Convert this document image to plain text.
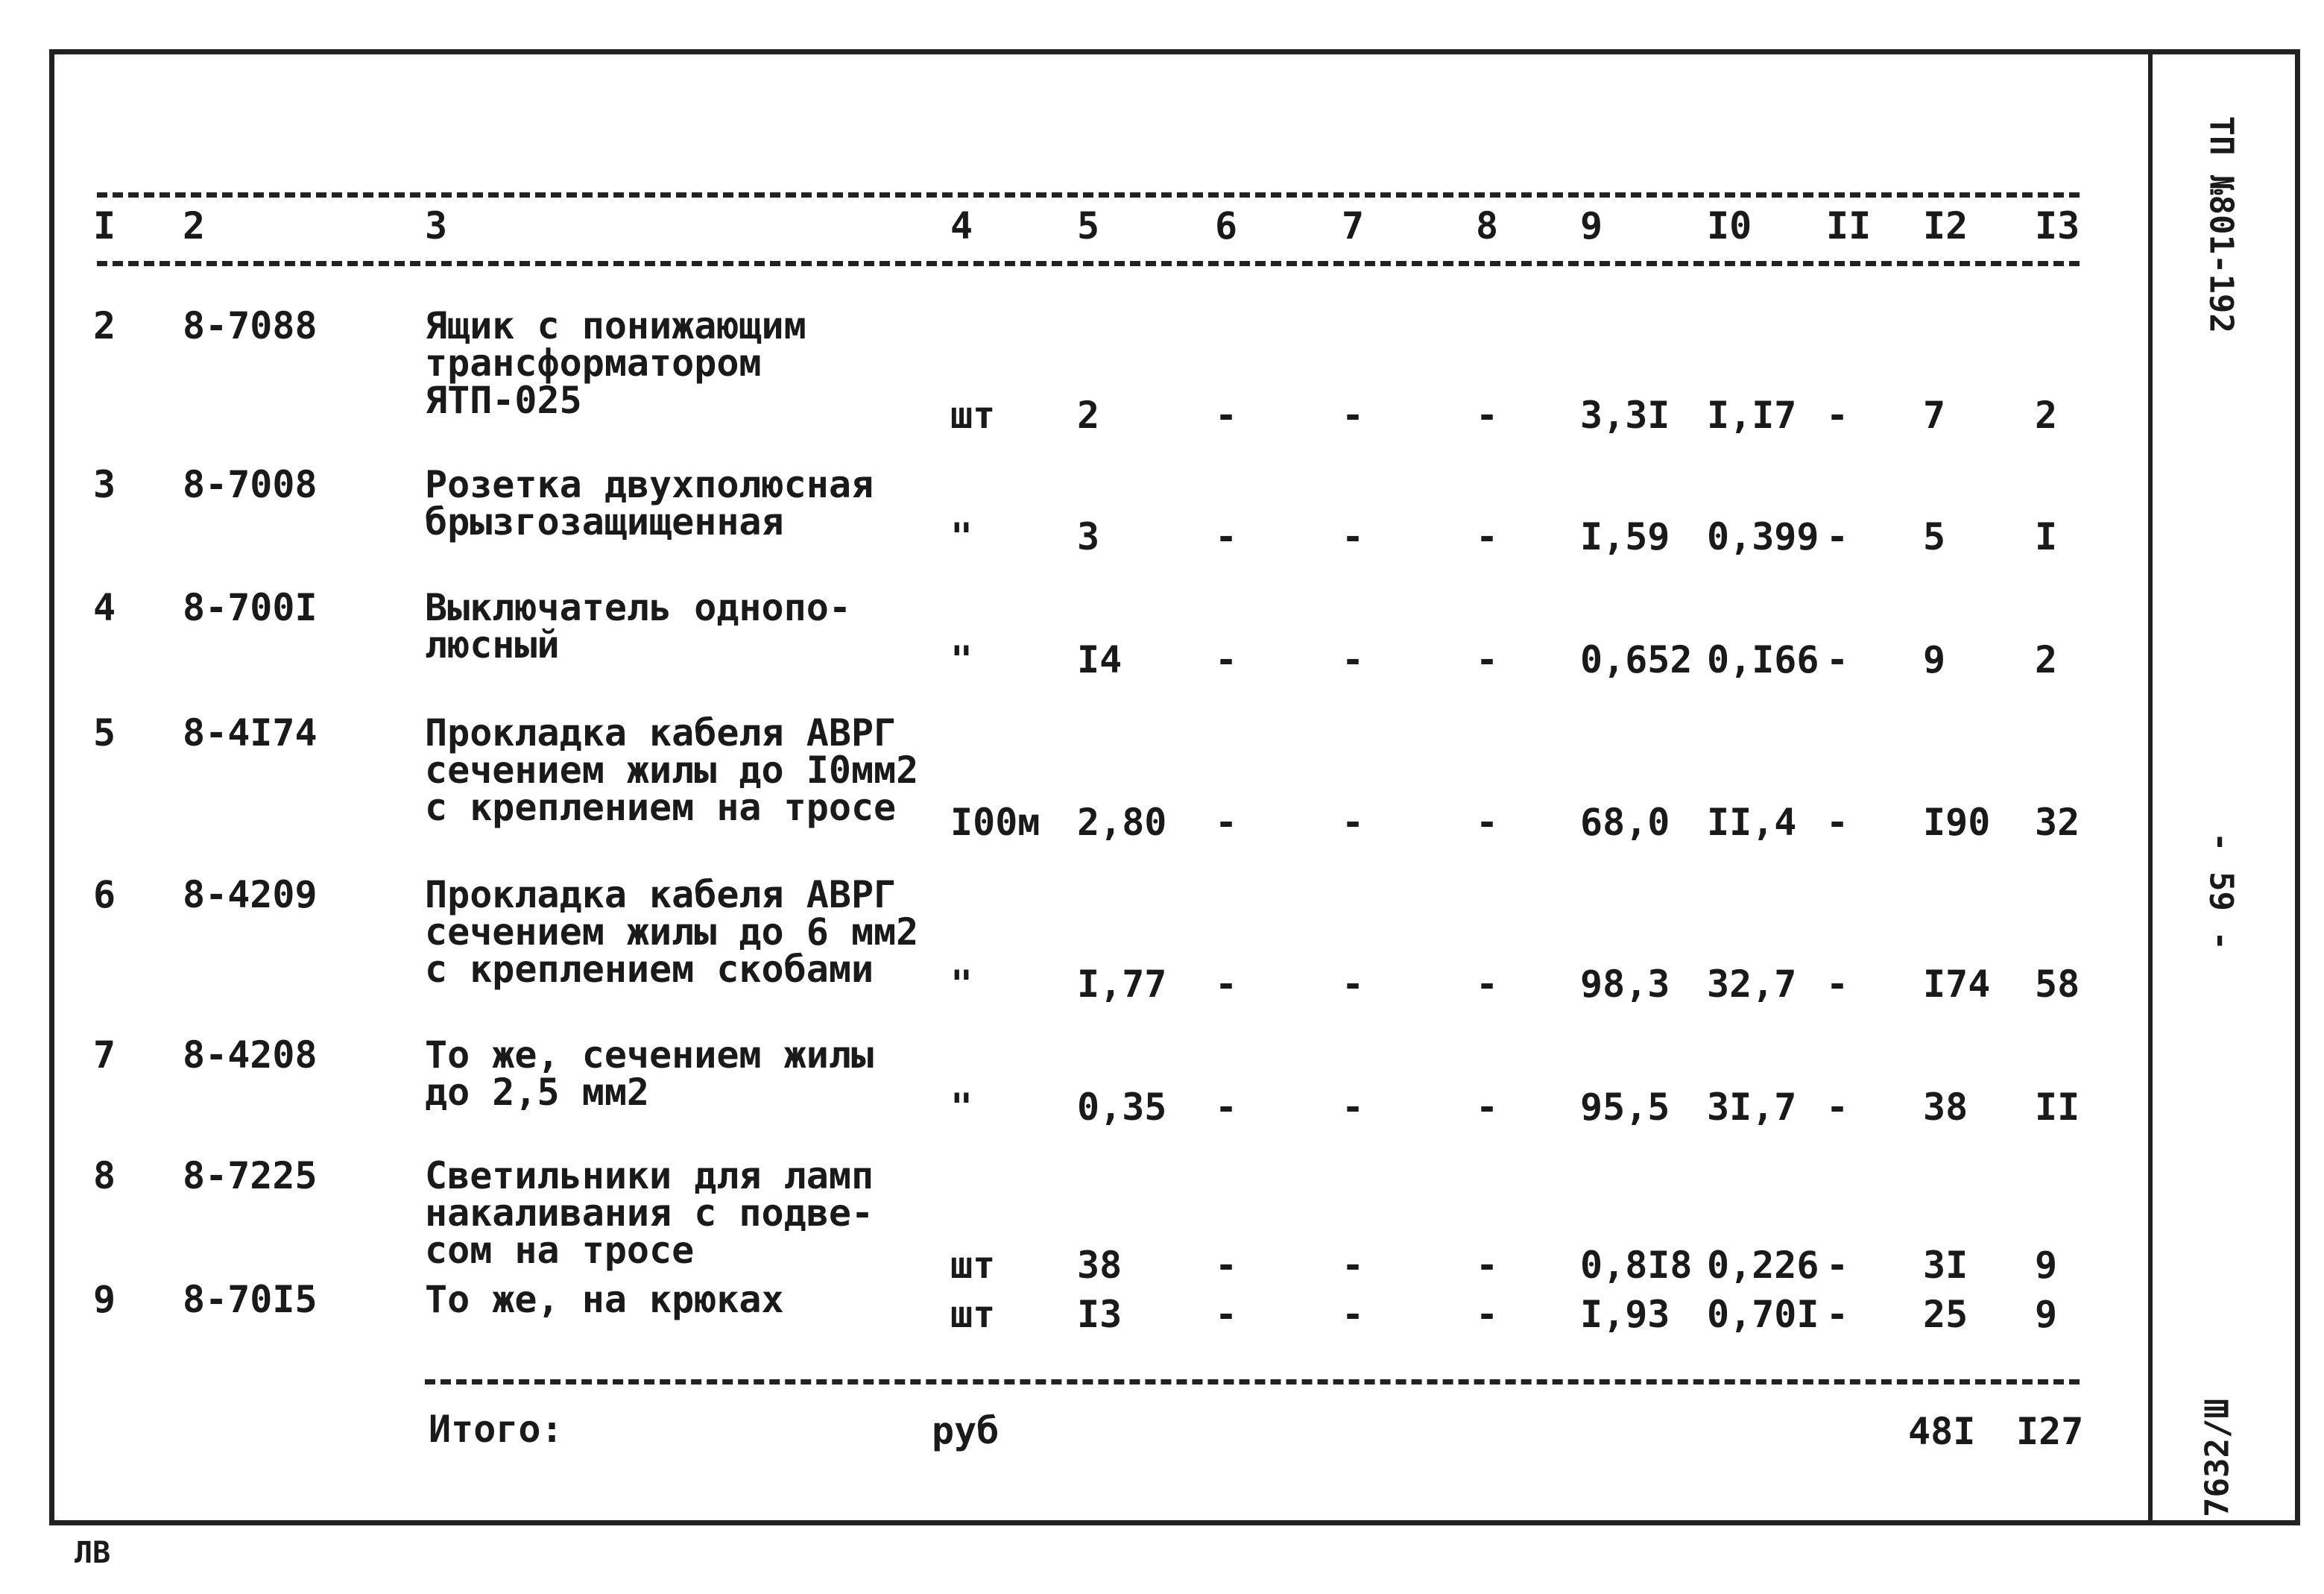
I 2	3	4	5	6	7	8 9	I0 II I2 I3
2 8-7088	Ящик с понижающим
трансформатором
ЯТП-025	шт 2	-	-	- 3,3I I,I7 - 7 2
3 8-7008	Розетка двухполюсная
брызгозащищенная	"	3	-	-	- I,59 0,399 - 5 I
4 8-700I	Выключатель однопо-
люсный	"	I4 -	-	- 0,652 0,I66 - 9 2
5 8-4I74	Прокладка кабеля АВРГ
сечением жилы до I0мм2
с креплением на тросе	I00м 2,80 -	-	- 68,0 II,4 - I90 32
6 8-4209	Прокладка кабеля АВРГ
сечением жилы до 6 мм2
с креплением скобами	"	I,77 -	-	- 98,3 32,7 - I74 58
7 8-4208	То же, сечением жилы
до 2,5 мм2	"	0,35 -	-	- 95,5 3I,7 - 38 II
8 8-7225	Светильники для ламп
накаливания с подве-
сом на тросе	шт 38 -	-	- 0,8I8 0,226 - 3I 9
9 8-70I5	То же, на крюках	шт I3 -	-	- I,93 0,70I - 25 9
Итого:	руб	48I I27
ТП №801-192
- 59 -
7632/Ш
ЛВ
